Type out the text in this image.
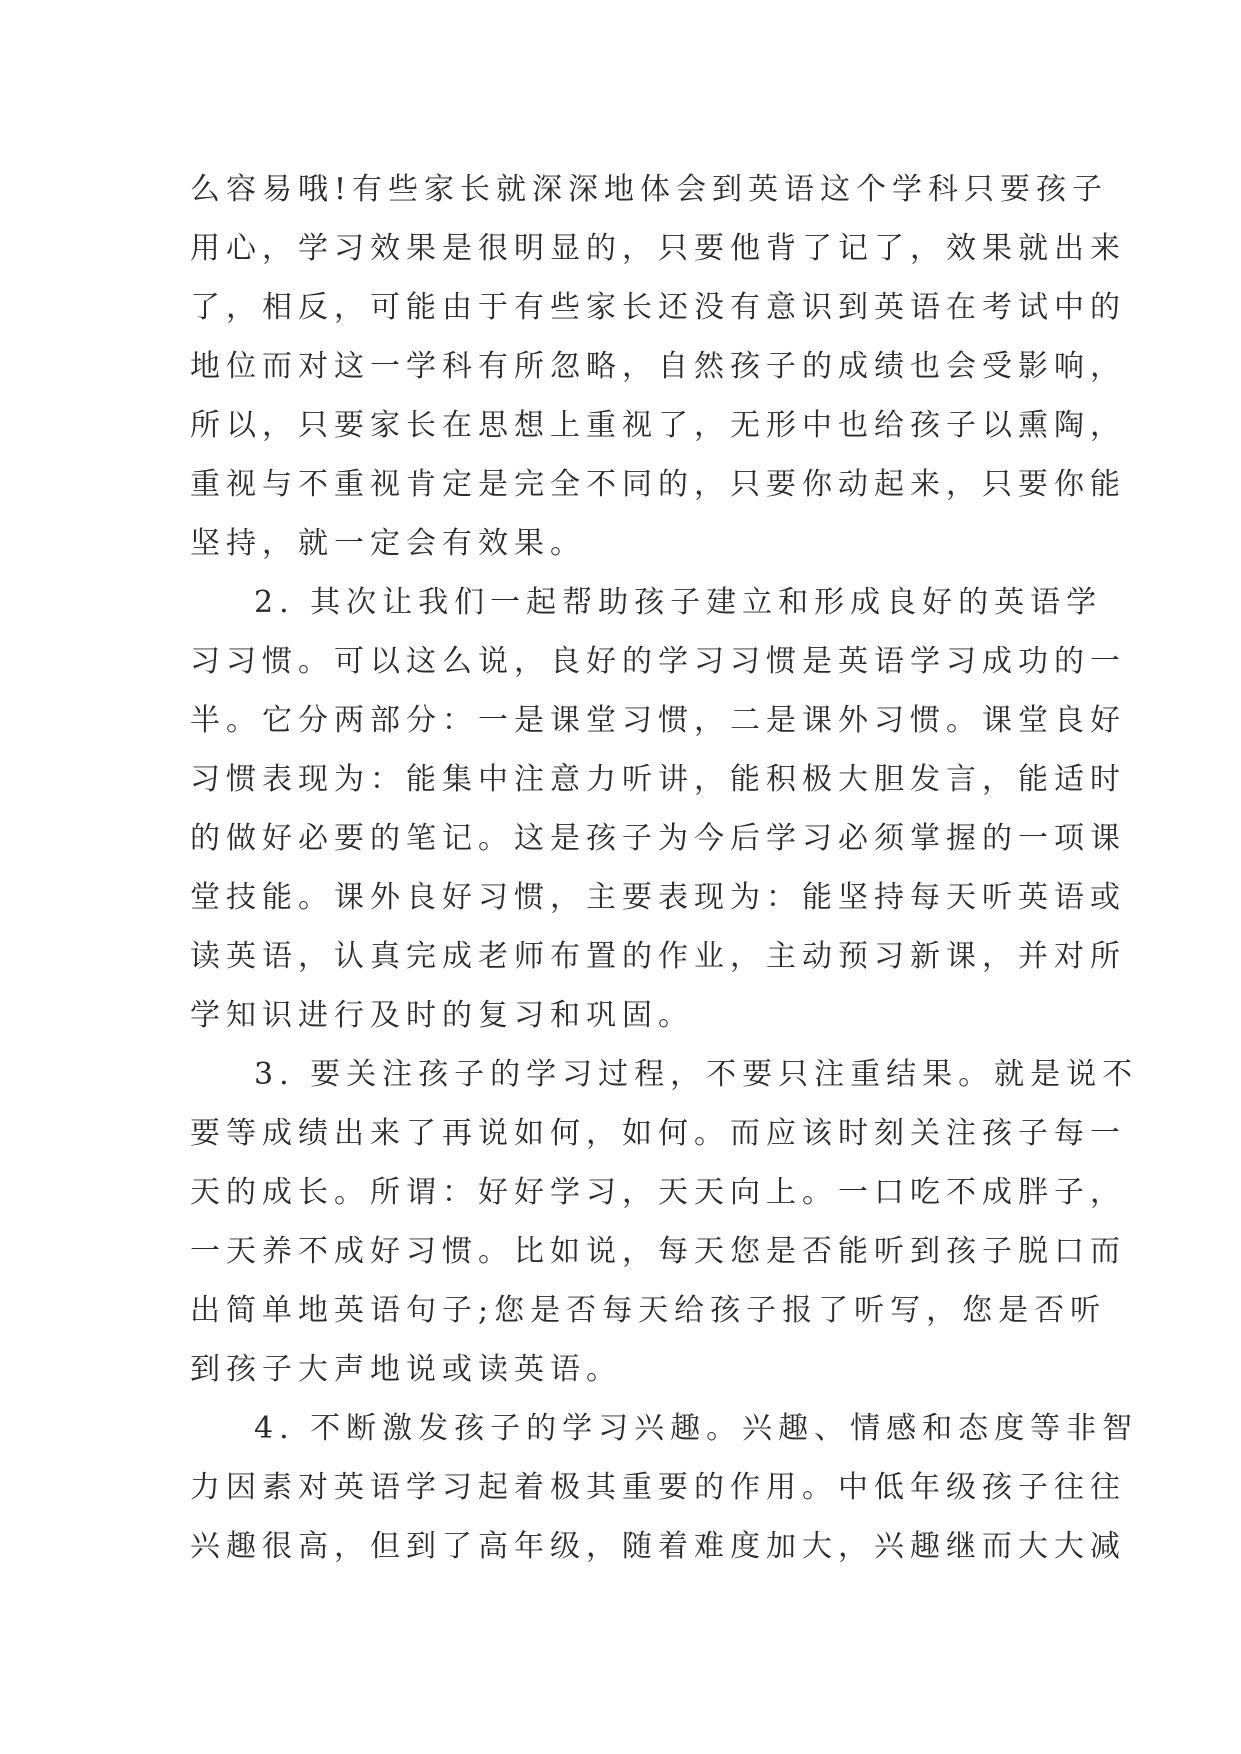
么容易哦!有些家长就深深地体会到英语这个学科只要孩子
用心，学习效果是很明显的，只要他背了记了，效果就出来
了，相反，可能由于有些家长还没有意识到英语在考试中的
地位而对这一学科有所忽略，自然孩子的成绩也会受影响，
所以，只要家长在思想上重视了，无形中也给孩子以熏陶，
重视与不重视肯定是完全不同的，只要你动起来，只要你能
坚持，就一定会有效果。
2. 其次让我们一起帮助孩子建立和形成良好的英语学
习习惯。可以这么说，良好的学习习惯是英语学习成功的一
半。它分两部分：一是课堂习惯，二是课外习惯。课堂良好
习惯表现为：能集中注意力听讲，能积极大胆发言，能适时
的做好必要的笔记。这是孩子为今后学习必须掌握的一项课
堂技能。课外良好习惯，主要表现为：能坚持每天听英语或
读英语，认真完成老师布置的作业，主动预习新课，并对所
学知识进行及时的复习和巩固。
3. 要关注孩子的学习过程，不要只注重结果。就是说不
要等成绩出来了再说如何，如何。而应该时刻关注孩子每一
天的成长。所谓：好好学习，天天向上。一口吃不成胖子，
一天养不成好习惯。比如说，每天您是否能听到孩子脱口而
出简单地英语句子;您是否每天给孩子报了听写，您是否听
到孩子大声地说或读英语。
4. 不断激发孩子的学习兴趣。兴趣、情感和态度等非智
力因素对英语学习起着极其重要的作用。中低年级孩子往往
兴趣很高，但到了高年级，随着难度加大，兴趣继而大大减
